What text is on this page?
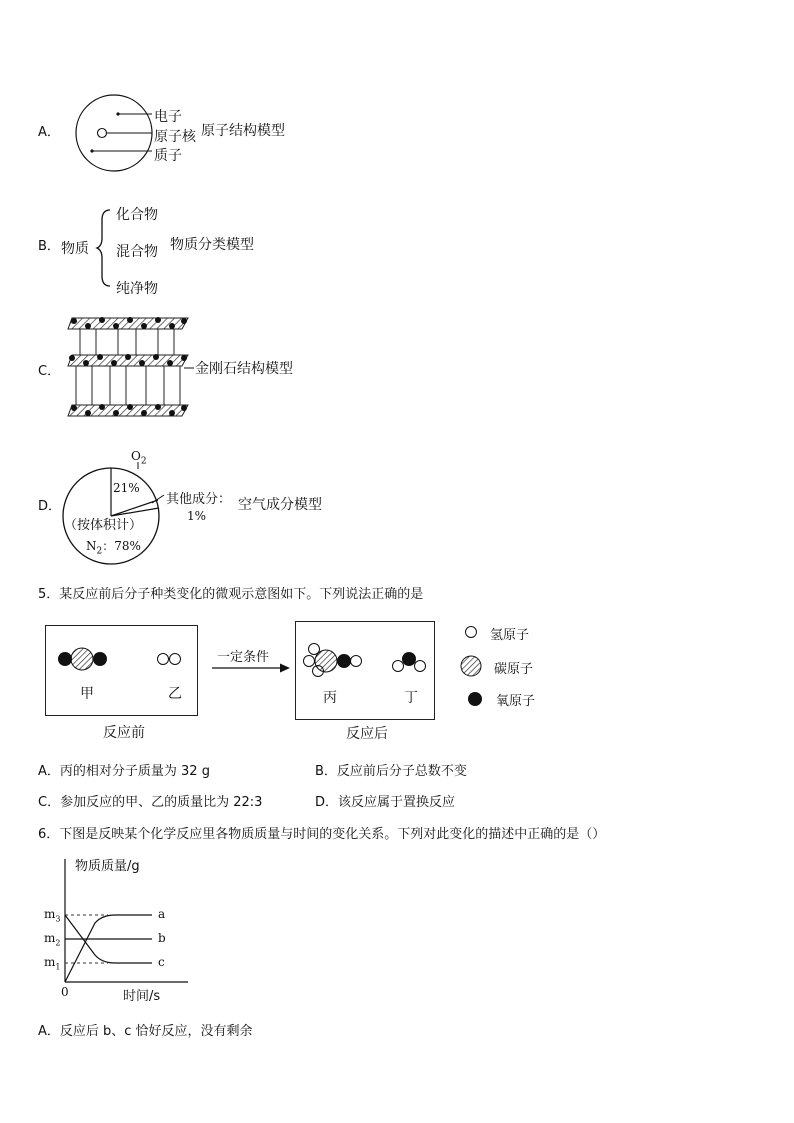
A．
电子
原子核
质子
原子结构模型
B． 物质
化合物
混合物
纯净物
物质分类模型
C．	金刚石结构模型
D．
$O_2$
21%
其他成分：
1%
（按体积计）
$N_2$：78%
空气成分模型
5．某反应前后分子种类变化的微观示意图如下。下列说法正确的是
甲	乙
反应前
一定条件
丙	丁
反应后
氢原子
碳原子
氧原子
A．丙的相对分子质量为 32 g	B．反应前后分子总数不变
C．参加反应的甲、乙的质量比为 22:3	D．该反应属于置换反应
6．下图是反映某个化学反应里各物质质量与时间的变化关系。下列对此变化的描述中正确的是（）
物质质量/g
$m_3$
$m_2$
$m_1$
a
b
c
0	时间/s
A．反应后 b、c 恰好反应，没有剩余
